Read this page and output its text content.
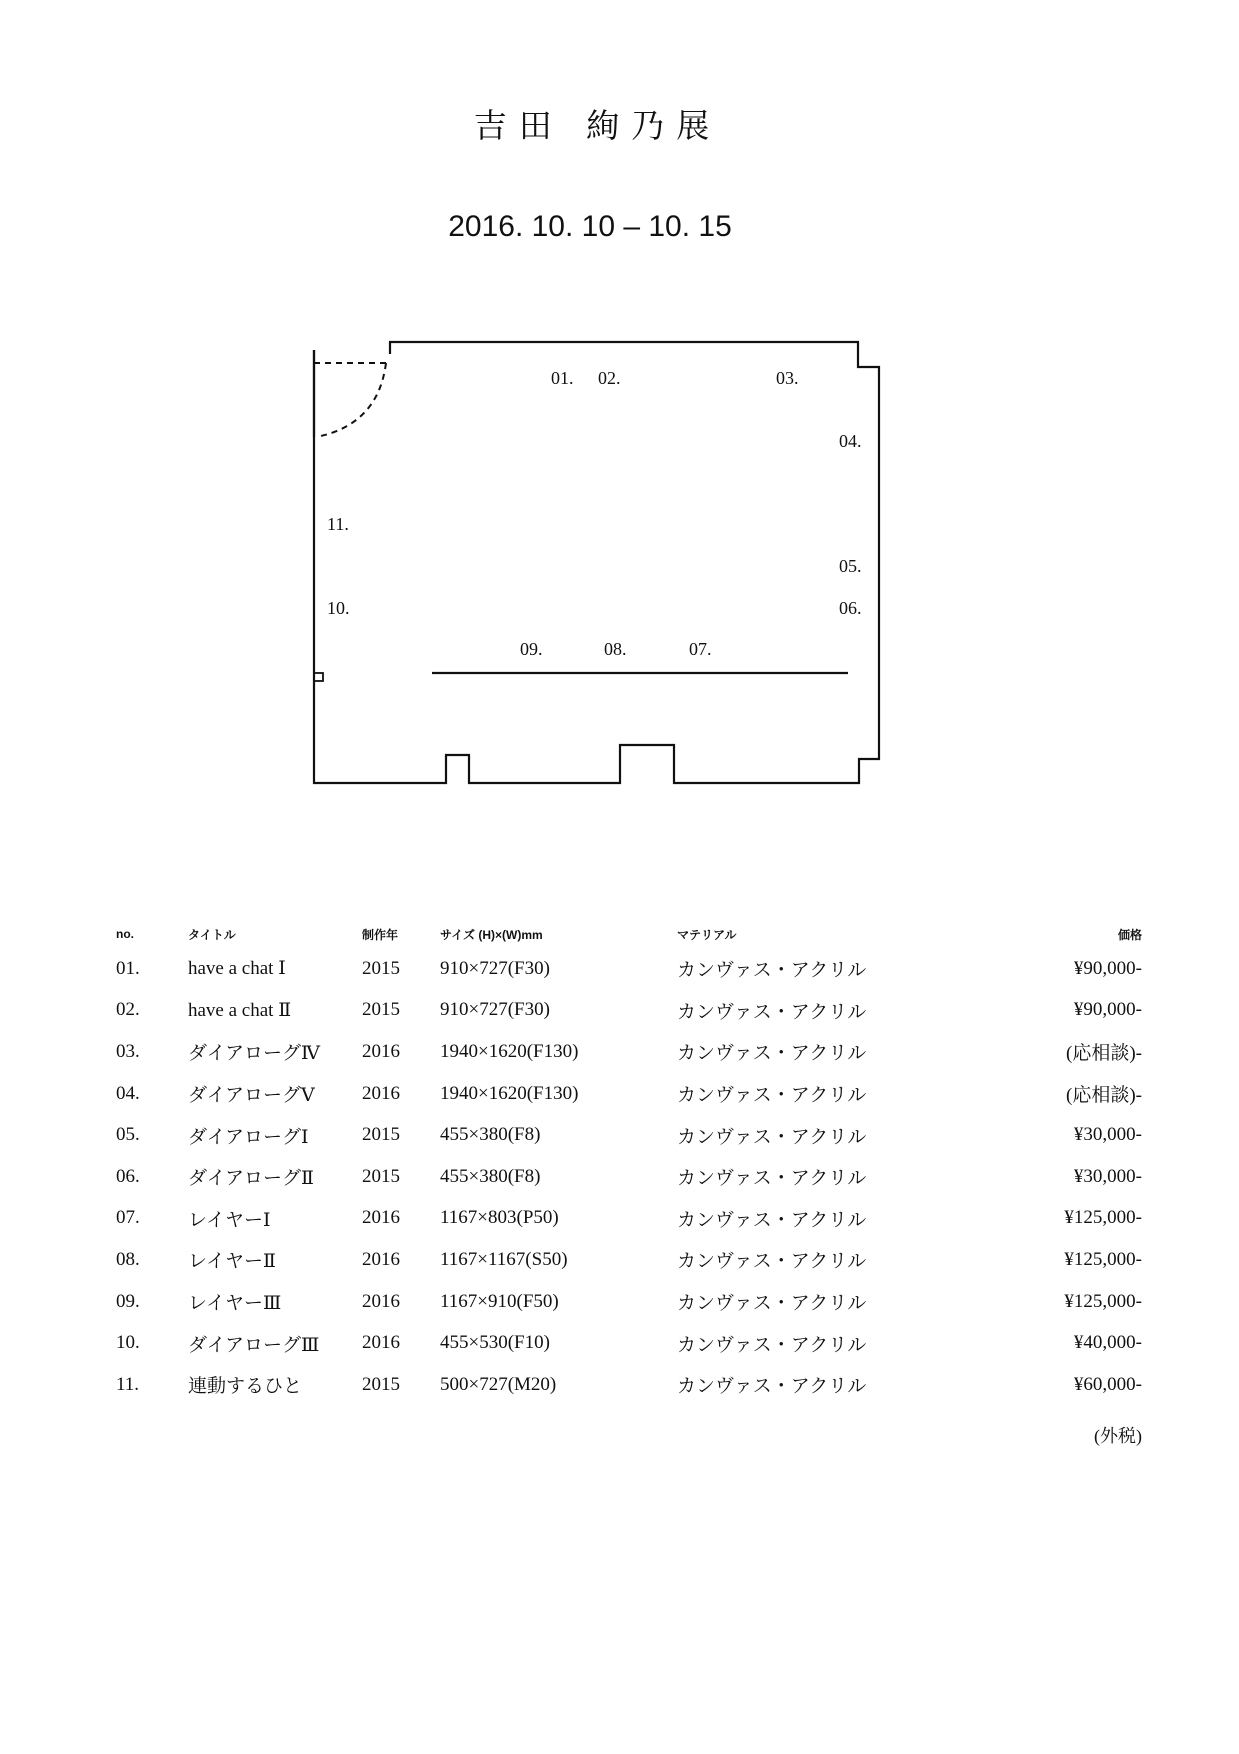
吉田 絢乃展
2016. 10. 10 – 10. 15
01. 02.	03.
04.
05.
06.
07.
08.
09.
10.
11.
no.	タイトル	制作年	サイズ (H)×(W)mm	マテリアル	価格
01.	have a chat Ⅰ	2015	910×727(F30)	カンヴァス・アクリル	¥90,000-
02.	have a chat Ⅱ	2015	910×727(F30)	カンヴァス・アクリル	¥90,000-
03.	ダイアローグⅣ	2016	1940×1620(F130)	カンヴァス・アクリル	(応相談)-
04.	ダイアローグⅤ	2016	1940×1620(F130)	カンヴァス・アクリル	(応相談)-
05.	ダイアローグⅠ	2015	455×380(F8)	カンヴァス・アクリル	¥30,000-
06.	ダイアローグⅡ	2015	455×380(F8)	カンヴァス・アクリル	¥30,000-
07.	レイヤーⅠ	2016	1167×803(P50)	カンヴァス・アクリル	¥125,000-
08.	レイヤーⅡ	2016	1167×1167(S50)	カンヴァス・アクリル	¥125,000-
09.	レイヤーⅢ	2016	1167×910(F50)	カンヴァス・アクリル	¥125,000-
10.	ダイアローグⅢ	2016	455×530(F10)	カンヴァス・アクリル	¥40,000-
11.	連動するひと	2015	500×727(M20)	カンヴァス・アクリル	¥60,000-
(外税)
